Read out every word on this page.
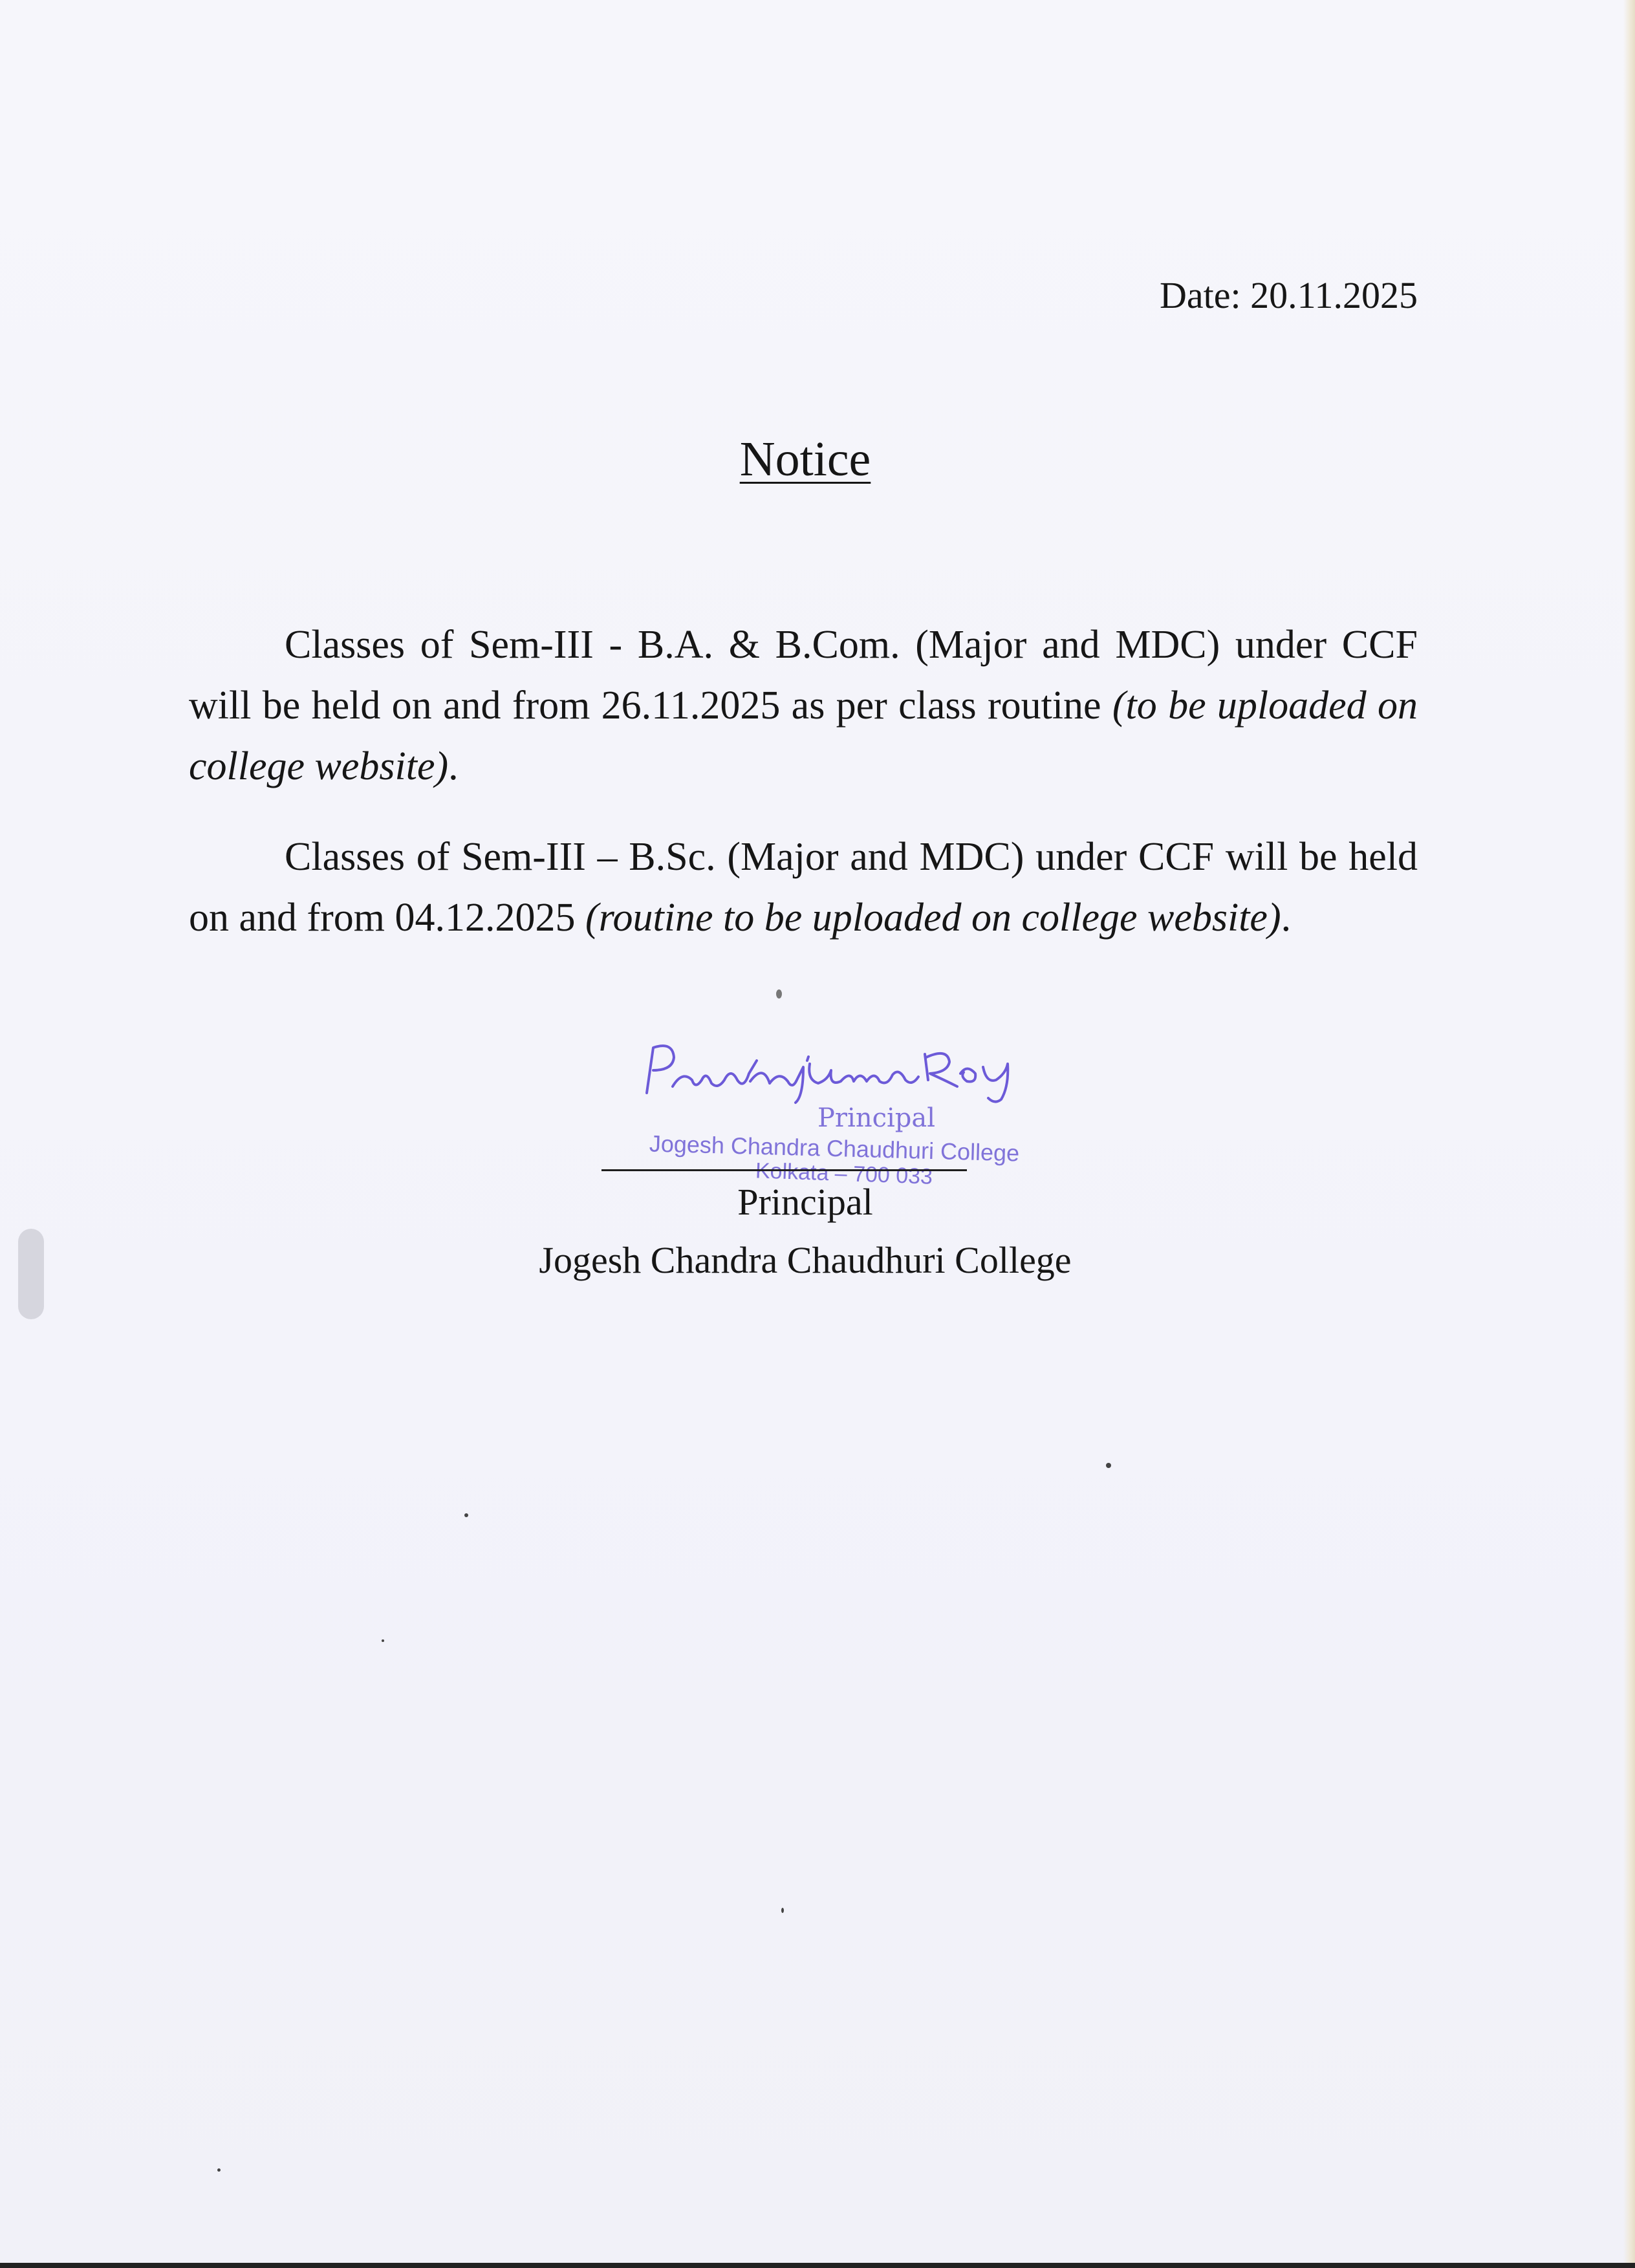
Date: 20.11.2025
Notice

Classes of Sem-III - B.A. & B.Com. (Major and MDC) under CCF will be held on and from 26.11.2025 as per class routine (to be uploaded on college website).

Classes of Sem-III – B.Sc. (Major and MDC) under CCF will be held on and from 04.12.2025 (routine to be uploaded on college website).

Principal
Jogesh Chandra Chaudhuri College
Kolkata – 700 033
Principal
Jogesh Chandra Chaudhuri College
